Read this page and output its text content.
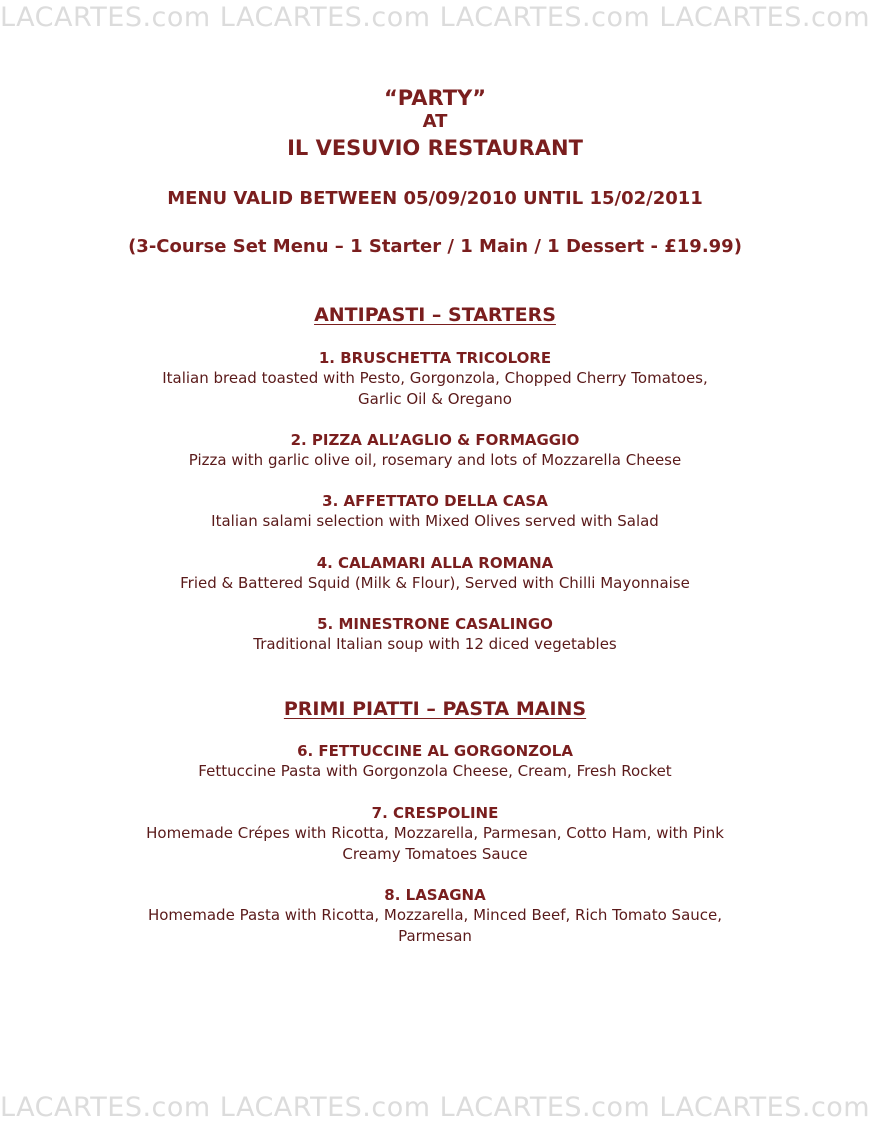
LACARTES.com LACARTES.com LACARTES.com LACARTES.com
“PARTY”
AT
IL VESUVIO RESTAURANT
MENU VALID BETWEEN 05/09/2010 UNTIL 15/02/2011
(3-Course Set Menu – 1 Starter / 1 Main / 1 Dessert - £19.99)
ANTIPASTI – STARTERS
1. BRUSCHETTA TRICOLORE
Italian bread toasted with Pesto, Gorgonzola, Chopped Cherry Tomatoes,
Garlic Oil & Oregano
2. PIZZA ALL’AGLIO & FORMAGGIO
Pizza with garlic olive oil, rosemary and lots of Mozzarella Cheese
3. AFFETTATO DELLA CASA
Italian salami selection with Mixed Olives served with Salad
4. CALAMARI ALLA ROMANA
Fried & Battered Squid (Milk & Flour), Served with Chilli Mayonnaise
5. MINESTRONE CASALINGO
Traditional Italian soup with 12 diced vegetables
PRIMI PIATTI – PASTA MAINS
6. FETTUCCINE AL GORGONZOLA
Fettuccine Pasta with Gorgonzola Cheese, Cream, Fresh Rocket
7. CRESPOLINE
Homemade Crépes with Ricotta, Mozzarella, Parmesan, Cotto Ham, with Pink
Creamy Tomatoes Sauce
8. LASAGNA
Homemade Pasta with Ricotta, Mozzarella, Minced Beef, Rich Tomato Sauce,
Parmesan
LACARTES.com LACARTES.com LACARTES.com LACARTES.com
